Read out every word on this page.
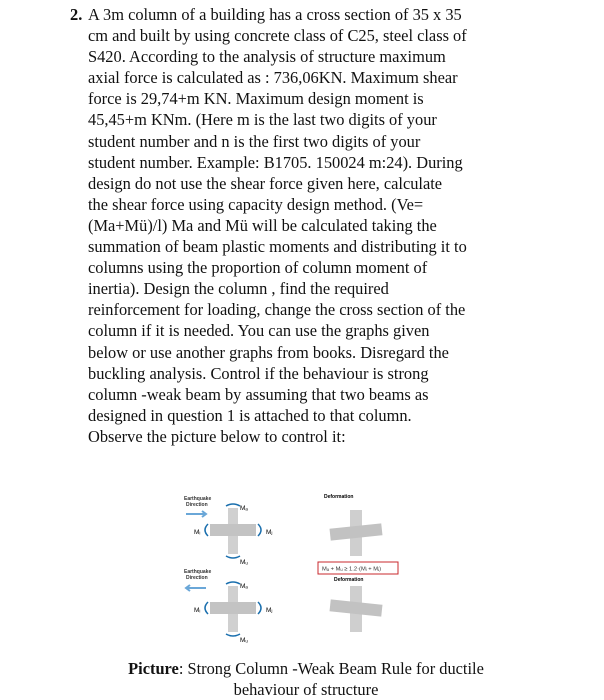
2. A 3m column of a building has a cross section of 35 x 35
cm and built by using concrete class of C25, steel class of
S420. According to the analysis of structure maximum
axial force is calculated as : 736,06KN. Maximum shear
force is 29,74+m KN. Maximum design moment is
45,45+m KNm. (Here m is the last two digits of your
student number and n is the first two digits of your
student number. Example: B1705. 150024 m:24). During
design do not use the shear force given here, calculate
the shear force using capacity design method. (Ve=
(Ma+Mü)/l) Ma and Mü will be calculated taking the
summation of beam plastic moments and distributing it to
columns using the proportion of column moment of
inertia). Design the column , find the required
reinforcement for loading, change the cross section of the
column if it is needed. You can use the graphs given
below or use another graphs from books. Disregard the
buckling analysis. Control if the behaviour is strong
column -weak beam by assuming that two beams as
designed in question 1 is attached to that column.
Observe the picture below to control it:
Earthquake Direction
Mᵢ	Mⱼ
Mₐ
Mᵤ
Deformation
Mₐ + Mᵤ ≥ 1.2·(Mᵢ + Mⱼ)
Deformation
Earthquake Direction
Mᵢ	Mⱼ
Mₐ
Mᵤ
Picture: Strong Column -Weak Beam Rule for ductile
behaviour of structure
